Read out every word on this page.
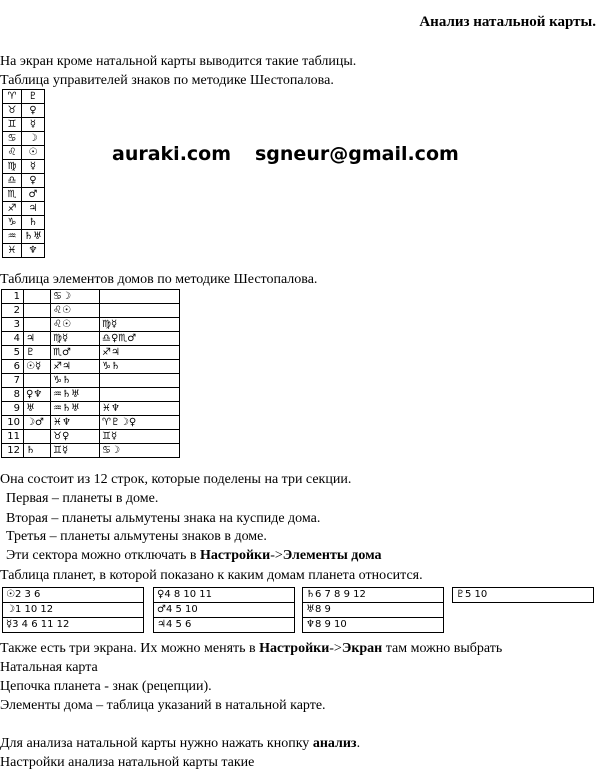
Анализ натальной карты.
На экран кроме натальной карты выводится такие таблицы.
Таблица управителей знаков по методике Шестопалова.
♈	♇
♉	♀
♊	☿
♋	☽
♌	☉
♍	☿
♎	♀
♏	♂
♐	♃
♑	♄
♒	♄♅
♓	♆
auraki.com sgneur@gmail.com
Таблица элементов домов по методике Шестопалова.
1		♋☽	
2		♌☉	
3		♌☉	♍☿
4	♃	♍☿	♎♀♏♂
5	♇	♏♂	♐♃
6	☉☿	♐♃	♑♄
7		♑♄	
8	♀♆	♒♄♅	
9	♅	♒♄♅	♓♆
10	☽♂	♓♆	♈♇☽♀
11		♉♀	♊☿
12	♄	♊☿	♋☽
Она состоит из 12 строк, которые поделены на три секции.
Первая – планеты в доме.
Вторая – планеты альмутены знака на куспиде дома.
Третья – планеты альмутены знаков в доме.
Эти сектора можно отключать в Настройки->Элементы дома
Таблица планет, в которой показано к каким домам планета относится.
☉2 3 6
☽1 10 12
☿3 4 6 11 12
♀4 8 10 11
♂4 5 10
♃4 5 6
♄6 7 8 9 12
♅8 9
♆8 9 10
♇5 10
Также есть три экрана. Их можно менять в Настройки->Экран там можно выбрать
Натальная карта
Цепочка планета - знак (рецепции).
Элементы дома – таблица указаний в натальной карте.
Для анализа натальной карты нужно нажать кнопку анализ.
Настройки анализа натальной карты такие
